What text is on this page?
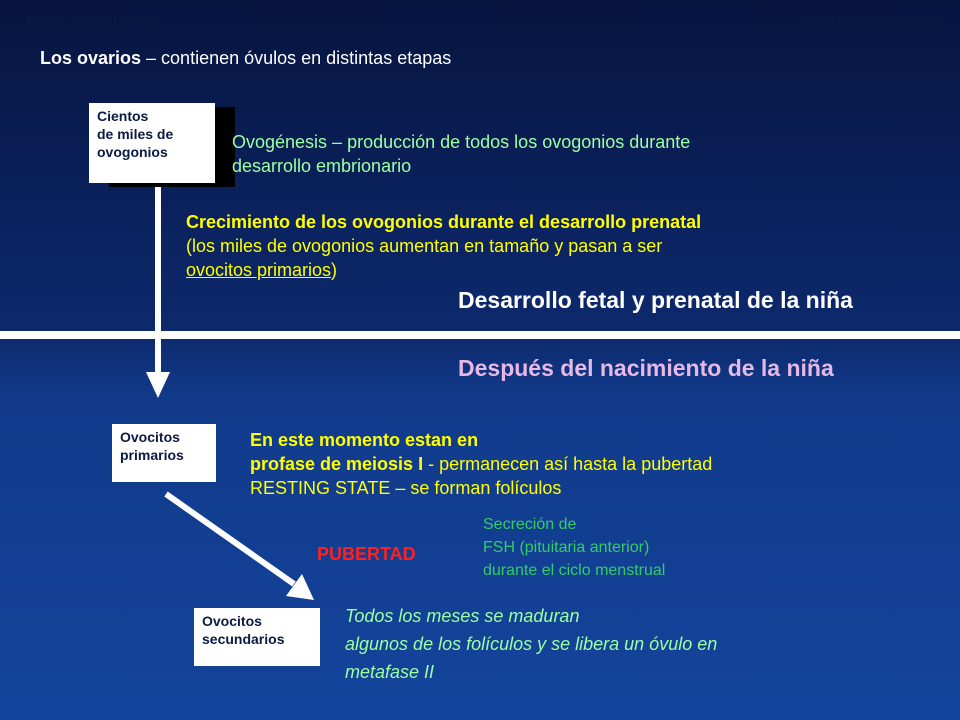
Biology, Seventh Edition	CHAPTER 48 Reproduction
Los ovarios – contienen óvulos en distintas etapas
Cientos
de miles de
ovogonios	Ovogénesis – producción de todos los ovogonios durante
desarrollo embrionario
Crecimiento de los ovogonios durante el desarrollo prenatal
(los miles de ovogonios aumentan en tamaño y pasan a ser
ovocitos primarios)
Desarrollo fetal y prenatal de la niña
Después del nacimiento de la niña
Ovocitos
primarios
En este momento estan en
profase de meiosis I - permanecen así hasta la pubertad
RESTING STATE – se forman folículos
Secreción de
FSH (pituitaria anterior)
durante el ciclo menstrual
PUBERTAD
Ovocitos
secundarios
Todos los meses se maduran
algunos de los folículos y se libera un óvulo en
metafase II
